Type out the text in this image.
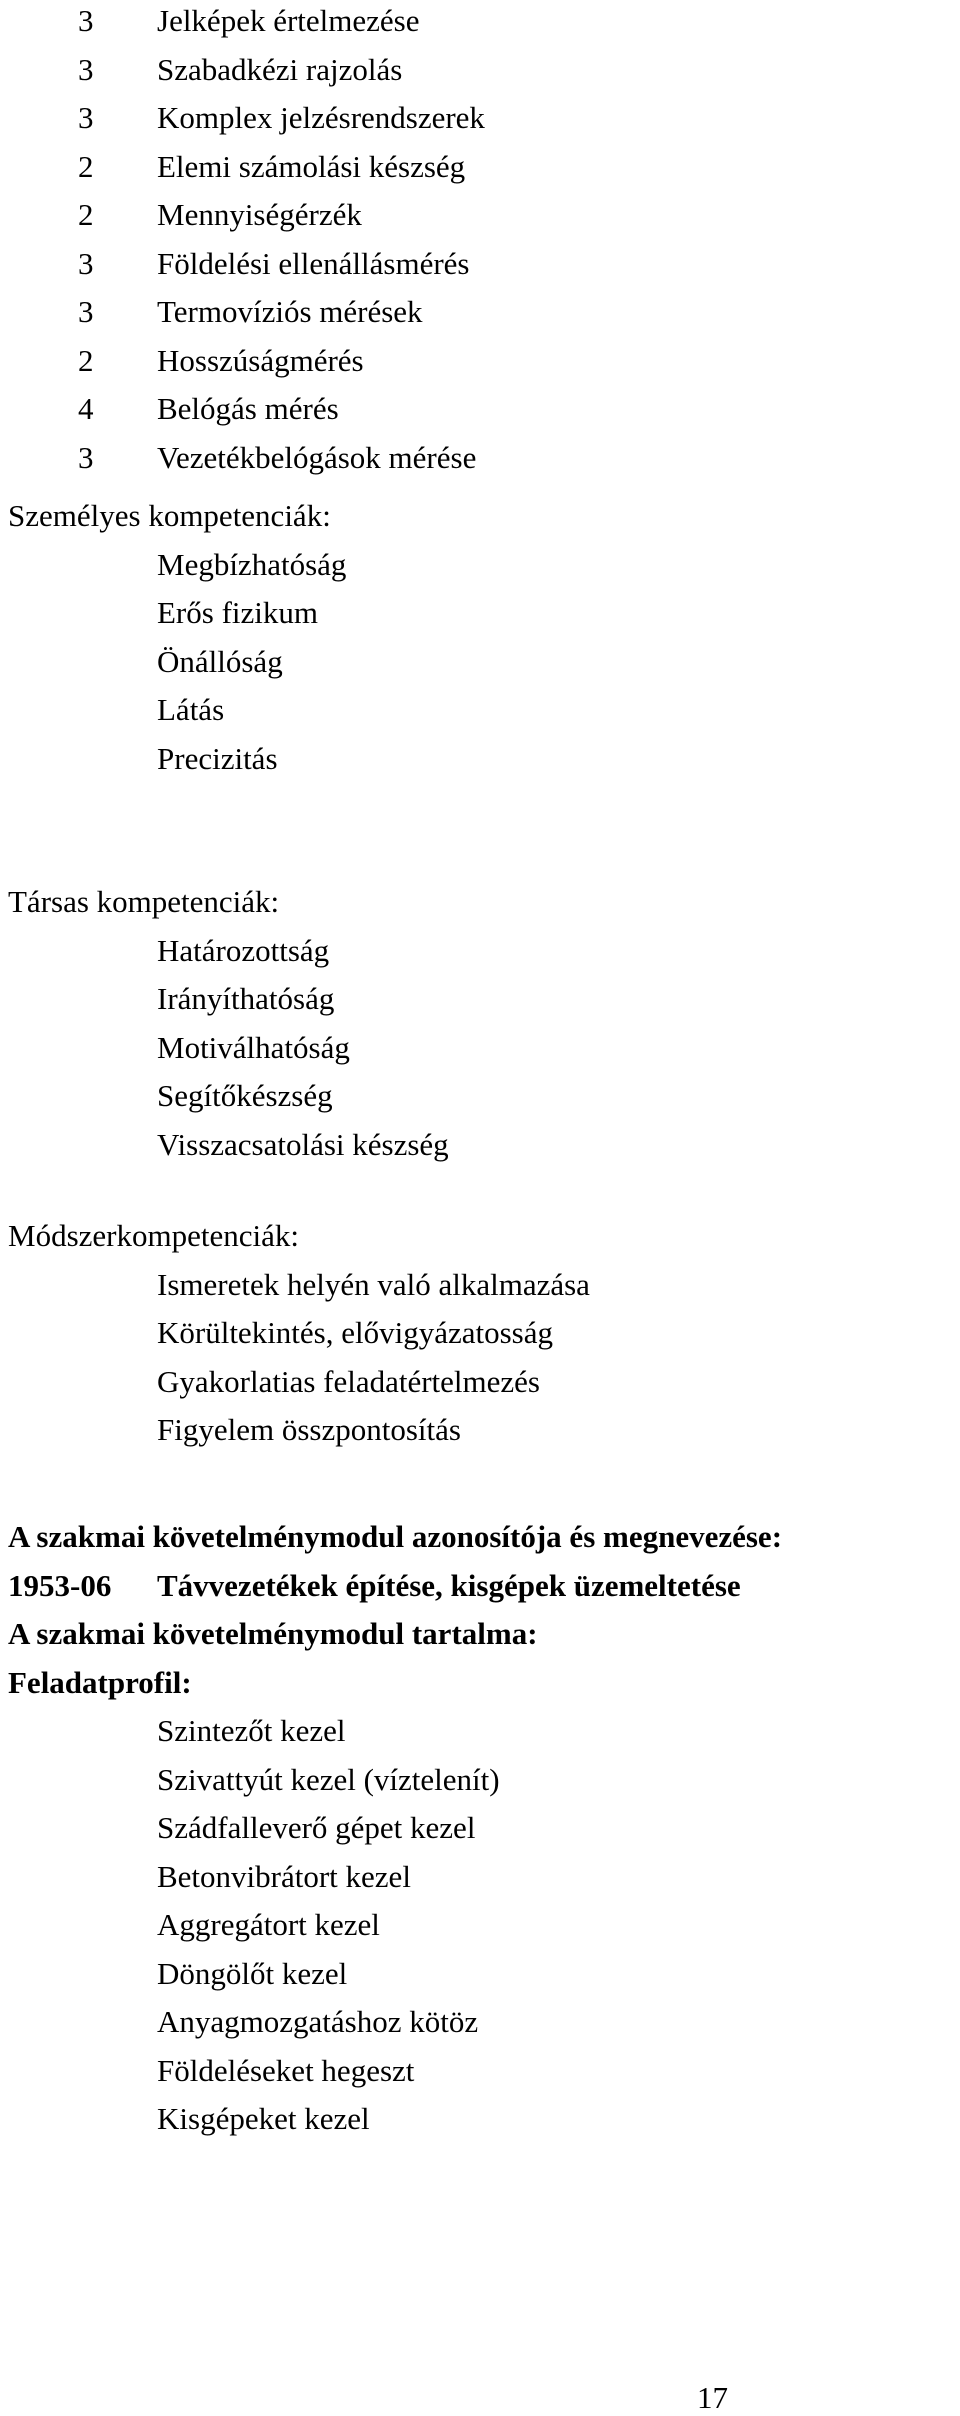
3 Jelképek értelmezése
3 Szabadkézi rajzolás
3 Komplex jelzésrendszerek
2 Elemi számolási készség
2 Mennyiségérzék
3 Földelési ellenállásmérés
3 Termovíziós mérések
2 Hosszúságmérés
4 Belógás mérés
3 Vezetékbelógások mérése
Személyes kompetenciák:
Megbízhatóság
Erős fizikum
Önállóság
Látás
Precizitás
Társas kompetenciák:
Határozottság
Irányíthatóság
Motiválhatóság
Segítőkészség
Visszacsatolási készség
Módszerkompetenciák:
Ismeretek helyén való alkalmazása
Körültekintés, elővigyázatosság
Gyakorlatias feladatértelmezés
Figyelem összpontosítás
A szakmai követelménymodul azonosítója és megnevezése:
1953-06 Távvezetékek építése, kisgépek üzemeltetése
A szakmai követelménymodul tartalma:
Feladatprofil:
Szintezőt kezel
Szivattyút kezel (víztelenít)
Szádfalleverő gépet kezel
Betonvibrátort kezel
Aggregátort kezel
Döngölőt kezel
Anyagmozgatáshoz kötöz
Földeléseket hegeszt
Kisgépeket kezel
17
